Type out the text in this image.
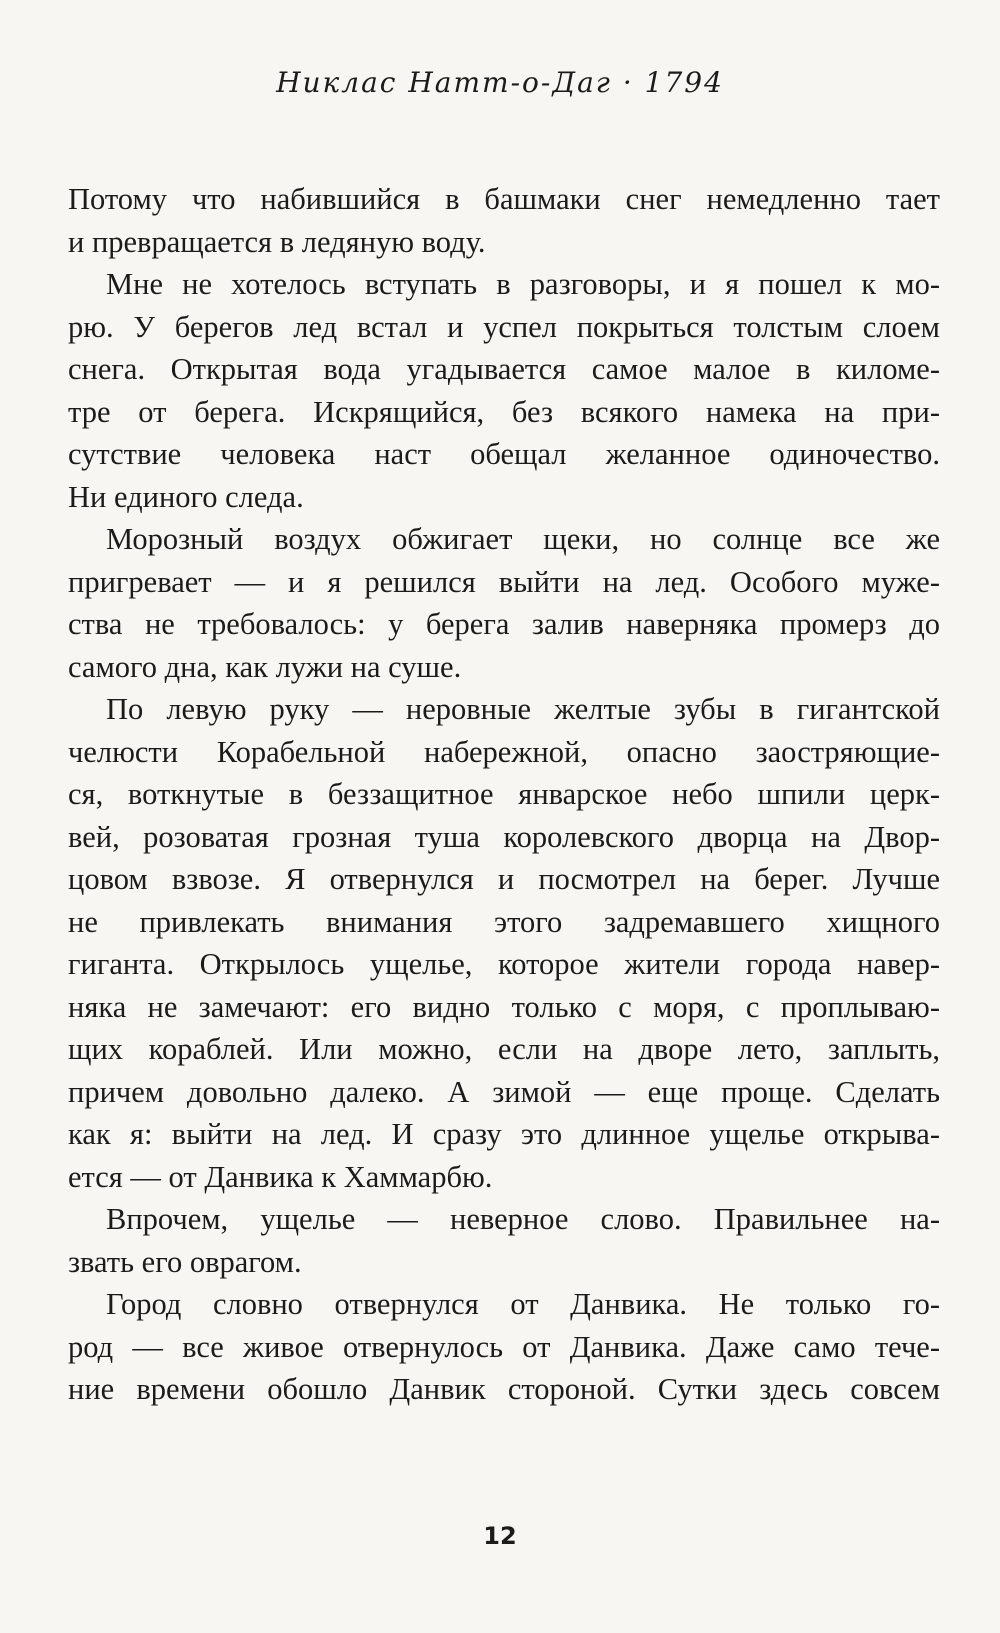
Никлас Натт-о-Даг · 1794
Потому что набившийся в башмаки снег немедленно тает
и превращается в ледяную воду.
Мне не хотелось вступать в разговоры, и я пошел к мо-
рю. У берегов лед встал и успел покрыться толстым слоем
снега. Открытая вода угадывается самое малое в киломе-
тре от берега. Искрящийся, без всякого намека на при-
сутствие человека наст обещал желанное одиночество.
Ни единого следа.
Морозный воздух обжигает щеки, но солнце все же
пригревает — и я решился выйти на лед. Особого муже-
ства не требовалось: у берега залив наверняка промерз до
самого дна, как лужи на суше.
По левую руку — неровные желтые зубы в гигантской
челюсти Корабельной набережной, опасно заостряющие-
ся, воткнутые в беззащитное январское небо шпили церк-
вей, розоватая грозная туша королевского дворца на Двор-
цовом взвозе. Я отвернулся и посмотрел на берег. Лучше
не привлекать внимания этого задремавшего хищного
гиганта. Открылось ущелье, которое жители города навер-
няка не замечают: его видно только с моря, с проплываю-
щих кораблей. Или можно, если на дворе лето, заплыть,
причем довольно далеко. А зимой — еще проще. Сделать
как я: выйти на лед. И сразу это длинное ущелье открыва-
ется — от Данвика к Хаммарбю.
Впрочем, ущелье — неверное слово. Правильнее на-
звать его оврагом.
Город словно отвернулся от Данвика. Не только го-
род — все живое отвернулось от Данвика. Даже само тече-
ние времени обошло Данвик стороной. Сутки здесь совсем
12
